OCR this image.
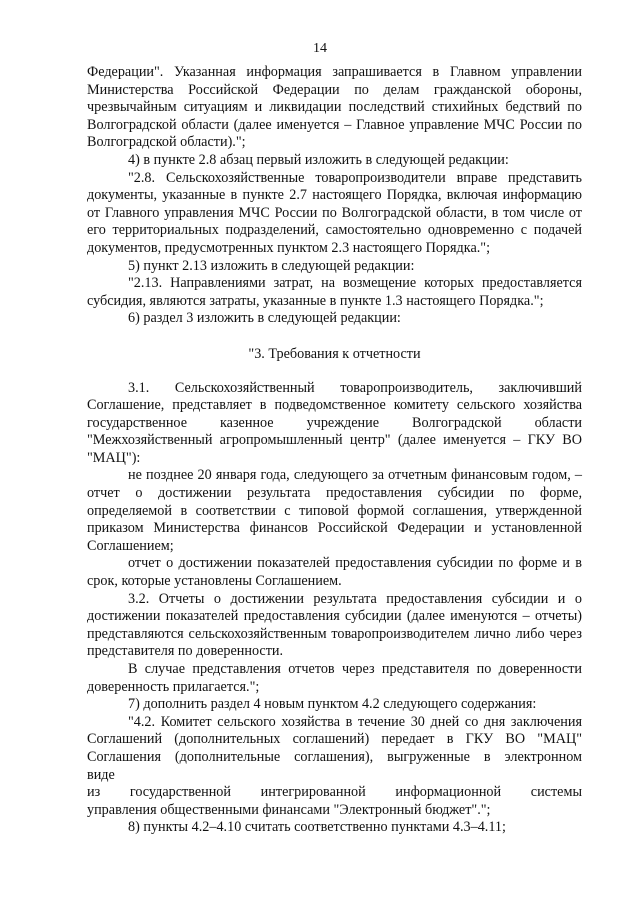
14

Федерации". Указанная информация запрашивается в Главном управлении Министерства Российской Федерации по делам гражданской обороны, чрезвычайным ситуациям и ликвидации последствий стихийных бедствий по Волгоградской области (далее именуется – Главное управление МЧС России по Волгоградской области).";

4) в пункте 2.8 абзац первый изложить в следующей редакции:

"2.8. Сельскохозяйственные товаропроизводители вправе представить документы, указанные в пункте 2.7 настоящего Порядка, включая информацию от Главного управления МЧС России по Волгоградской области, в том числе от его территориальных подразделений, самостоятельно одновременно с подачей документов, предусмотренных пунктом 2.3 настоящего Порядка.";

5) пункт 2.13 изложить в следующей редакции:

"2.13. Направлениями затрат, на возмещение которых предоставляется субсидия, являются затраты, указанные в пункте 1.3 настоящего Порядка.";

6) раздел 3 изложить в следующей редакции:

"3. Требования к отчетности

3.1. Сельскохозяйственный товаропроизводитель, заключивший Соглашение, представляет в подведомственное комитету сельского хозяйства государственное казенное учреждение Волгоградской области "Межхозяйственный агропромышленный центр" (далее именуется – ГКУ ВО "МАЦ"):

не позднее 20 января года, следующего за отчетным финансовым годом, – отчет о достижении результата предоставления субсидии по форме, определяемой в соответствии с типовой формой соглашения, утвержденной приказом Министерства финансов Российской Федерации и установленной Соглашением;

отчет о достижении показателей предоставления субсидии по форме и в срок, которые установлены Соглашением.

3.2. Отчеты о достижении результата предоставления субсидии и о достижении показателей предоставления субсидии (далее именуются – отчеты) представляются сельскохозяйственным товаропроизводителем лично либо через представителя по доверенности.

В случае представления отчетов через представителя по доверенности доверенность прилагается.";

7) дополнить раздел 4 новым пунктом 4.2 следующего содержания:

"4.2. Комитет сельского хозяйства в течение 30 дней со дня заключения Соглашений (дополнительных соглашений) передает в ГКУ ВО "МАЦ" Соглашения (дополнительные соглашения), выгруженные в электронном

виде

из государственной интегрированной информационной системы

управления общественными финансами "Электронный бюджет".";

8) пункты 4.2–4.10 считать соответственно пунктами 4.3–4.11;
